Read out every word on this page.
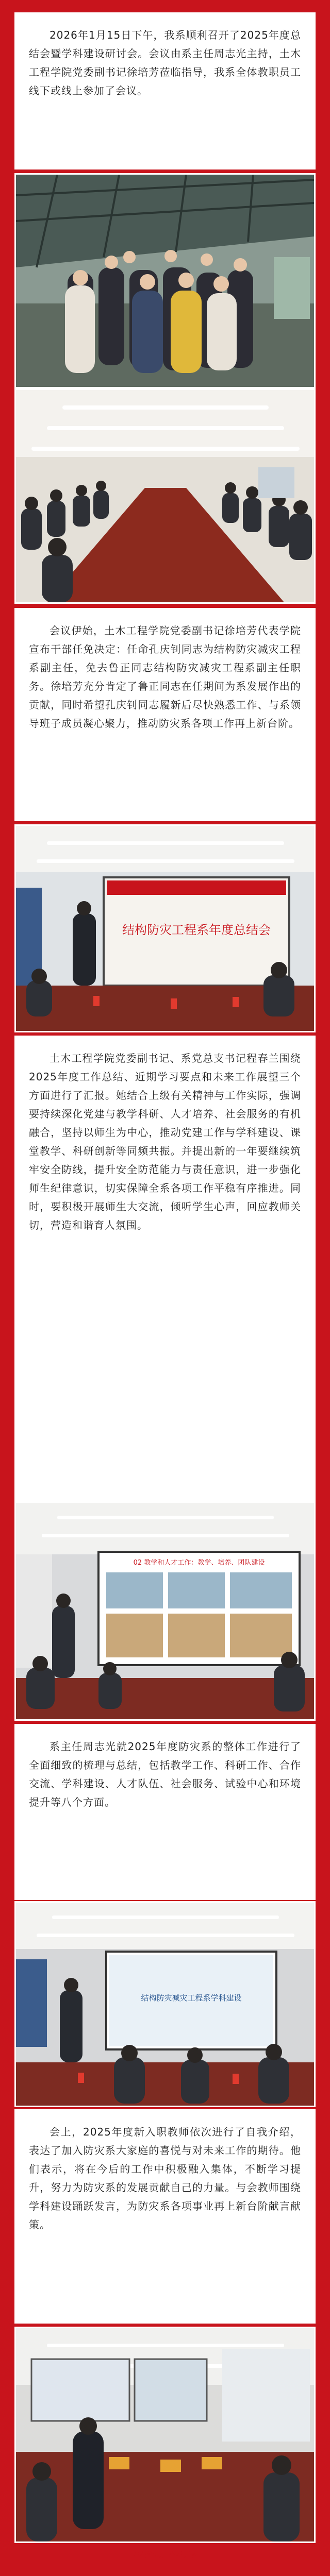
2026年1月15日下午，我系顺利召开了2025年度总结会暨学科建设研讨会。会议由系主任周志光主持，土木工程学院党委副书记徐培芳莅临指导，我系全体教职员工线下或线上参加了会议。

会议伊始，土木工程学院党委副书记徐培芳代表学院宣布干部任免决定：任命孔庆钊同志为结构防灾减灾工程系副主任，免去鲁正同志结构防灾减灾工程系副主任职务。徐培芳充分肯定了鲁正同志在任期间为系发展作出的贡献，同时希望孔庆钊同志履新后尽快熟悉工作、与系领导班子成员凝心聚力，推动防灾系各项工作再上新台阶。

结构防灾工程系年度总结会

土木工程学院党委副书记、系党总支书记程春兰围绕2025年度工作总结、近期学习要点和未来工作展望三个方面进行了汇报。她结合上级有关精神与工作实际，强调要持续深化党建与教学科研、人才培养、社会服务的有机融合，坚持以师生为中心，推动党建工作与学科建设、课堂教学、科研创新等同频共振。并提出新的一年要继续筑牢安全防线，提升安全防范能力与责任意识，进一步强化师生纪律意识，切实保障全系各项工作平稳有序推进。同时，要积极开展师生大交流，倾听学生心声，回应教师关切，营造和谐育人氛围。

02 教学和人才工作：教学、培养、团队建设

系主任周志光就2025年度防灾系的整体工作进行了全面细致的梳理与总结，包括教学工作、科研工作、合作交流、学科建设、人才队伍、社会服务、试验中心和环境提升等八个方面。

结构防灾减灾工程系学科建设

会上，2025年度新入职教师依次进行了自我介绍，表达了加入防灾系大家庭的喜悦与对未来工作的期待。他们表示，将在今后的工作中积极融入集体，不断学习提升，努力为防灾系的发展贡献自己的力量。与会教师围绕学科建设踊跃发言，为防灾系各项事业再上新台阶献言献策。

左右滑动，查看更多
